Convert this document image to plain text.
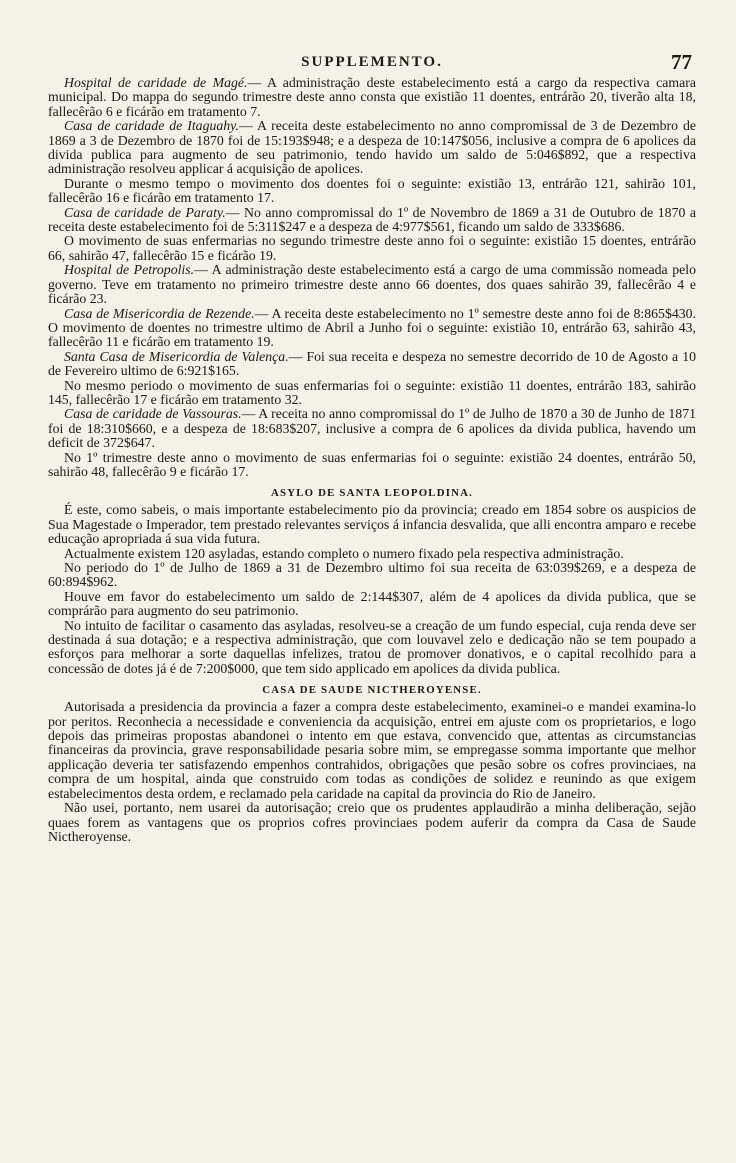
SUPPLEMENTO.	77

Hospital de caridade de Magé.— A administração deste estabelecimento está a cargo da respectiva camara municipal. Do mappa do segundo trimestre deste anno consta que existião 11 doentes, entrárão 20, tiverão alta 18, fallecêrão 6 e ficárão em tratamento 7.

Casa de caridade de Itaguahy.— A receita deste estabelecimento no anno compromissal de 3 de Dezembro de 1869 a 3 de Dezembro de 1870 foi de 15:193$948; e a despeza de 10:147$056, inclusive a compra de 6 apolices da divida publica para augmento de seu patrimonio, tendo havido um saldo de 5:046$892, que a respectiva administração resolveu applicar á acquisição de apolices.

Durante o mesmo tempo o movimento dos doentes foi o seguinte: existião 13, entrárão 121, sahirão 101, fallecêrão 16 e ficárão em tratamento 17.

Casa de caridade de Paraty.— No anno compromissal do 1º de Novembro de 1869 a 31 de Outubro de 1870 a receita deste estabelecimento foi de 5:311$247 e a despeza de 4:977$561, ficando um saldo de 333$686.

O movimento de suas enfermarias no segundo trimestre deste anno foi o seguinte: existião 15 doentes, entrárão 66, sahirão 47, fallecêrão 15 e ficárão 19.

Hospital de Petropolis.— A administração deste estabelecimento está a cargo de uma commissão nomeada pelo governo. Teve em tratamento no primeiro trimestre deste anno 66 doentes, dos quaes sahirão 39, fallecêrão 4 e ficárão 23.

Casa de Misericordia de Rezende.— A receita deste estabelecimento no 1º semestre deste anno foi de 8:865$430. O movimento de doentes no trimestre ultimo de Abril a Junho foi o seguinte: existião 10, entrárão 63, sahirão 43, fallecêrão 11 e ficárão em tratamento 19.

Santa Casa de Misericordia de Valença.— Foi sua receita e despeza no semestre decorrido de 10 de Agosto a 10 de Fevereiro ultimo de 6:921$165.

No mesmo periodo o movimento de suas enfermarias foi o seguinte: existião 11 doentes, entrárão 183, sahirão 145, fallecêrão 17 e ficárão em tratamento 32.

Casa de caridade de Vassouras.— A receita no anno compromissal do 1º de Julho de 1870 a 30 de Junho de 1871 foi de 18:310$660, e a despeza de 18:683$207, inclusive a compra de 6 apolices da divida publica, havendo um deficit de 372$647.

No 1º trimestre deste anno o movimento de suas enfermarias foi o seguinte: existião 24 doentes, entrárão 50, sahirão 48, fallecêrão 9 e ficárão 17.

ASYLO DE SANTA LEOPOLDINA.

É este, como sabeis, o mais importante estabelecimento pio da provincia; creado em 1854 sobre os auspicios de Sua Magestade o Imperador, tem prestado relevantes serviços á infancia desvalida, que alli encontra amparo e recebe educação apropriada á sua vida futura.

Actualmente existem 120 asyladas, estando completo o numero fixado pela respectiva administração.

No periodo do 1º de Julho de 1869 a 31 de Dezembro ultimo foi sua receita de 63:039$269, e a despeza de 60:894$962.

Houve em favor do estabelecimento um saldo de 2:144$307, além de 4 apolices da divida publica, que se comprárão para augmento do seu patrimonio.

No intuito de facilitar o casamento das asyladas, resolveu-se a creação de um fundo especial, cuja renda deve ser destinada á sua dotação; e a respectiva administração, que com louvavel zelo e dedicação não se tem poupado a esforços para melhorar a sorte daquellas infelizes, tratou de promover donativos, e o capital recolhido para a concessão de dotes já é de 7:200$000, que tem sido applicado em apolices da divida publica.

CASA DE SAUDE NICTHEROYENSE.

Autorisada a presidencia da provincia a fazer a compra deste estabelecimento, examinei-o e mandei examina-lo por peritos. Reconhecia a necessidade e conveniencia da acquisição, entrei em ajuste com os proprietarios, e logo depois das primeiras propostas abandonei o intento em que estava, convencido que, attentas as circumstancias financeiras da provincia, grave responsabilidade pesaria sobre mim, se empregasse somma importante que melhor applicação deveria ter satisfazendo empenhos contrahidos, obrigações que pesão sobre os cofres provinciaes, na compra de um hospital, ainda que construido com todas as condições de solidez e reunindo as que exigem estabelecimentos desta ordem, e reclamado pela caridade na capital da provincia do Rio de Janeiro.

Não usei, portanto, nem usarei da autorisação; creio que os prudentes applaudirão a minha deliberação, sejão quaes forem as vantagens que os proprios cofres provinciaes podem auferir da compra da Casa de Saude Nictheroyense.
